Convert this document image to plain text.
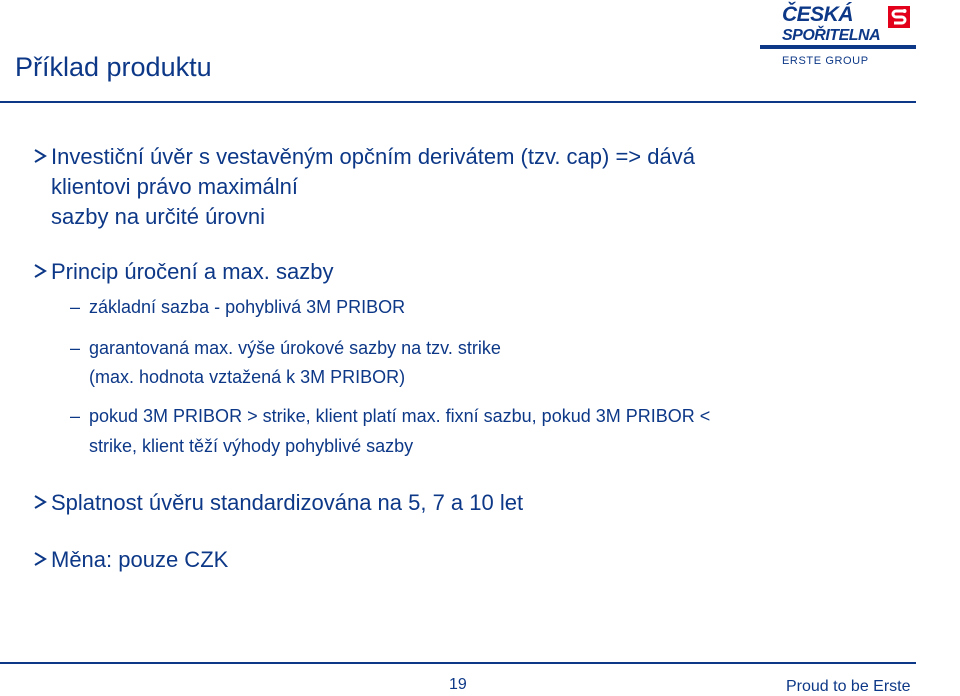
Příklad produktu
ČESKÁ
SPOŘITELNA
ERSTE GROUP
Investiční úvěr s vestavěným opčním derivátem (tzv. cap) => dává
klientovi právo maximální
sazby na určité úrovni
Princip úročení a max. sazby
– základní sazba - pohyblivá 3M PRIBOR
– garantovaná max. výše úrokové sazby na tzv. strike
(max. hodnota vztažená k 3M PRIBOR)
– pokud 3M PRIBOR > strike, klient platí max. fixní sazbu, pokud 3M PRIBOR <
strike, klient těží výhody pohyblivé sazby
Splatnost úvěru standardizována na 5, 7 a 10 let
Měna: pouze CZK
19	Proud to be Erste
